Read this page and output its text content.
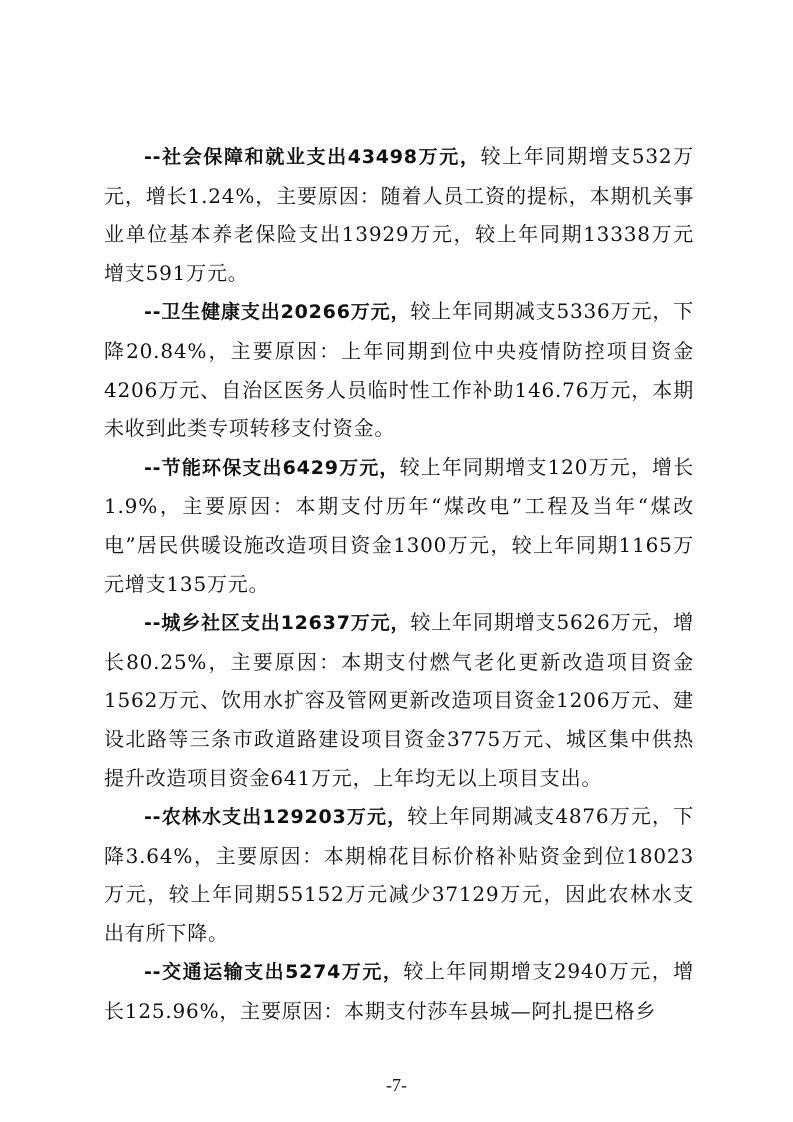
--社会保障和就业支出43498万元，较上年同期增支532万元，增长1.24%，主要原因：随着人员工资的提标，本期机关事业单位基本养老保险支出13929万元，较上年同期13338万元增支591万元。

--卫生健康支出20266万元，较上年同期减支5336万元，下降20.84%，主要原因：上年同期到位中央疫情防控项目资金4206万元、自治区医务人员临时性工作补助146.76万元，本期未收到此类专项转移支付资金。

--节能环保支出6429万元，较上年同期增支120万元，增长1.9%，主要原因：本期支付历年“煤改电”工程及当年“煤改电”居民供暖设施改造项目资金1300万元，较上年同期1165万元增支135万元。

--城乡社区支出12637万元，较上年同期增支5626万元，增长80.25%，主要原因：本期支付燃气老化更新改造项目资金1562万元、饮用水扩容及管网更新改造项目资金1206万元、建设北路等三条市政道路建设项目资金3775万元、城区集中供热提升改造项目资金641万元，上年均无以上项目支出。

--农林水支出129203万元，较上年同期减支4876万元，下降3.64%，主要原因：本期棉花目标价格补贴资金到位18023万元，较上年同期55152万元减少37129万元，因此农林水支出有所下降。

--交通运输支出5274万元，较上年同期增支2940万元，增长125.96%，主要原因：本期支付莎车县城—阿扎提巴格乡

-7-
